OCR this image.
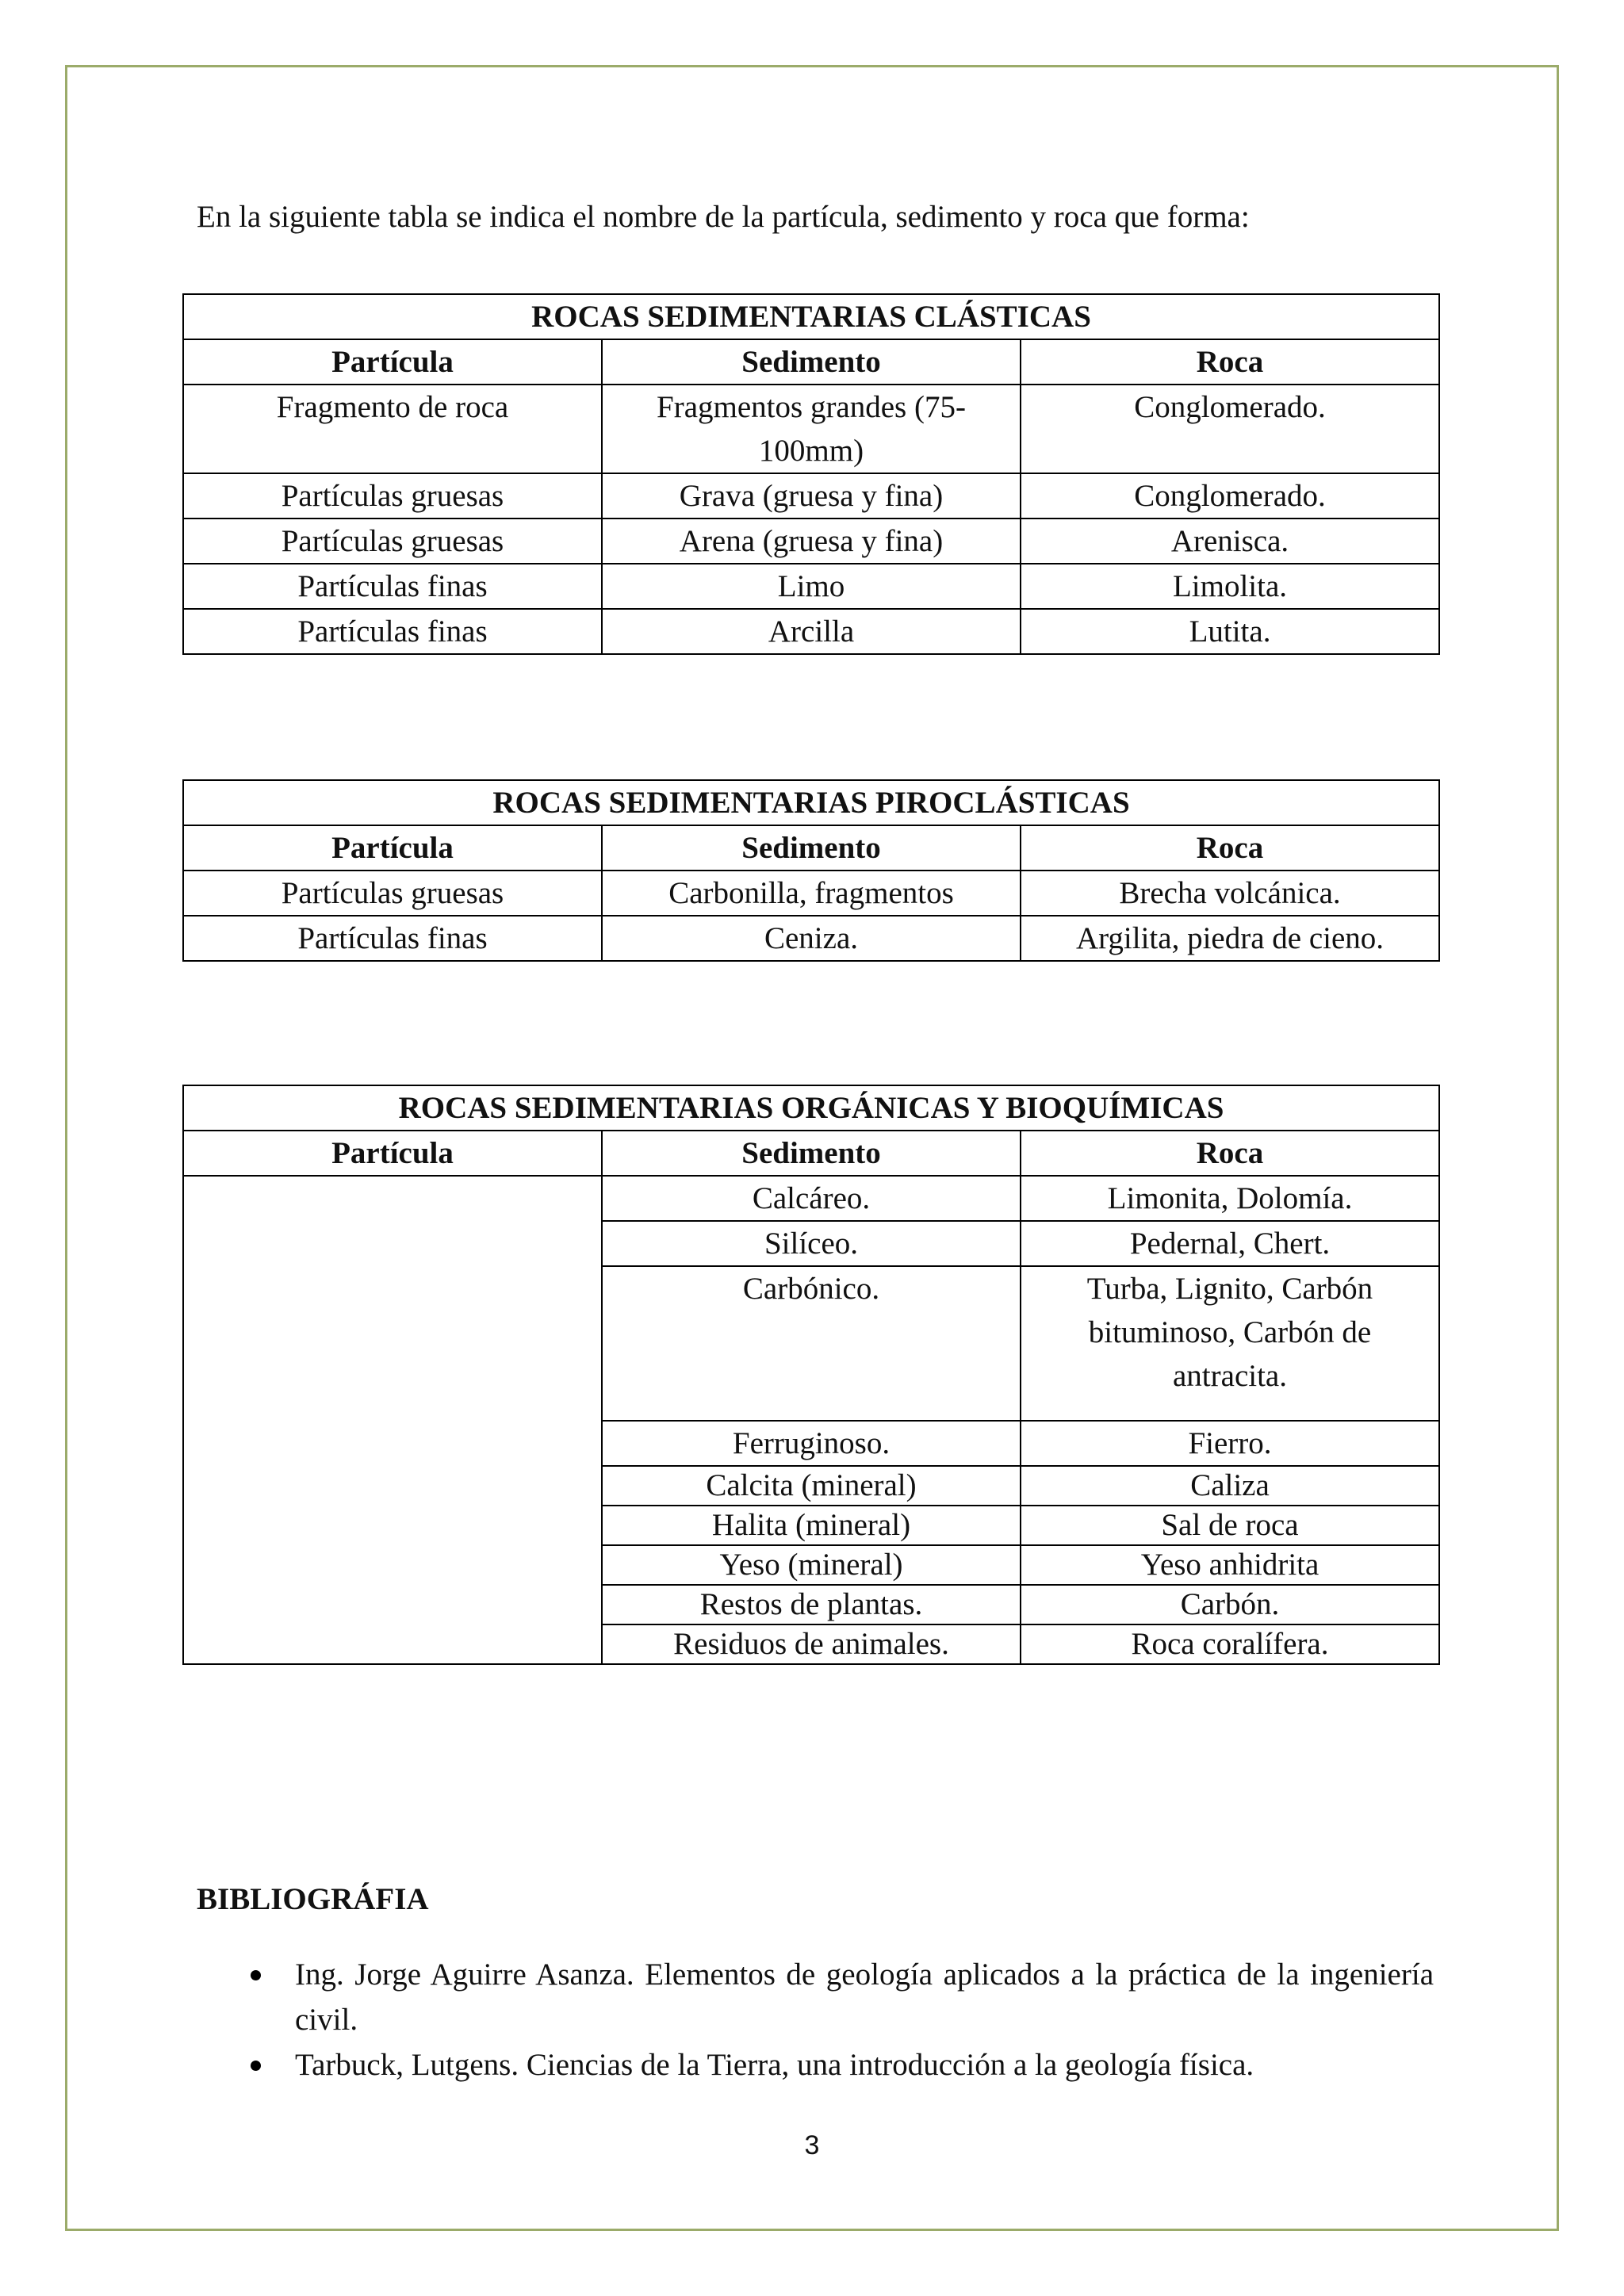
En la siguiente tabla se indica el nombre de la partícula, sedimento y roca que forma:
ROCAS SEDIMENTARIAS CLÁSTICAS		
Partícula	Sedimento	Roca
Fragmento de roca	Fragmentos grandes (75-100mm)	Conglomerado.
Partículas gruesas	Grava (gruesa y fina)	Conglomerado.
Partículas gruesas	Arena (gruesa y fina)	Arenisca.
Partículas finas	Limo	Limolita.
Partículas finas	Arcilla	Lutita.
ROCAS SEDIMENTARIAS PIROCLÁSTICAS		
Partícula	Sedimento	Roca
Partículas gruesas	Carbonilla, fragmentos	Brecha volcánica.
Partículas finas	Ceniza.	Argilita, piedra de cieno.
ROCAS SEDIMENTARIAS ORGÁNICAS Y BIOQUÍMICAS		
Partícula	Sedimento	Roca
	Calcáreo.	Limonita, Dolomía.
	Silíceo.	Pedernal, Chert.
	Carbónico.	Turba, Lignito, Carbón bituminoso, Carbón de antracita.
	Ferruginoso.	Fierro.
	Calcita (mineral)	Caliza
	Halita (mineral)	Sal de roca
	Yeso (mineral)	Yeso anhidrita
	Restos de plantas.	Carbón.
	Residuos de animales.	Roca coralífera.
BIBLIOGRÁFIA
Ing. Jorge Aguirre Asanza. Elementos de geología aplicados a la práctica de la ingeniería civil.
Tarbuck, Lutgens. Ciencias de la Tierra, una introducción a la geología física.
3
